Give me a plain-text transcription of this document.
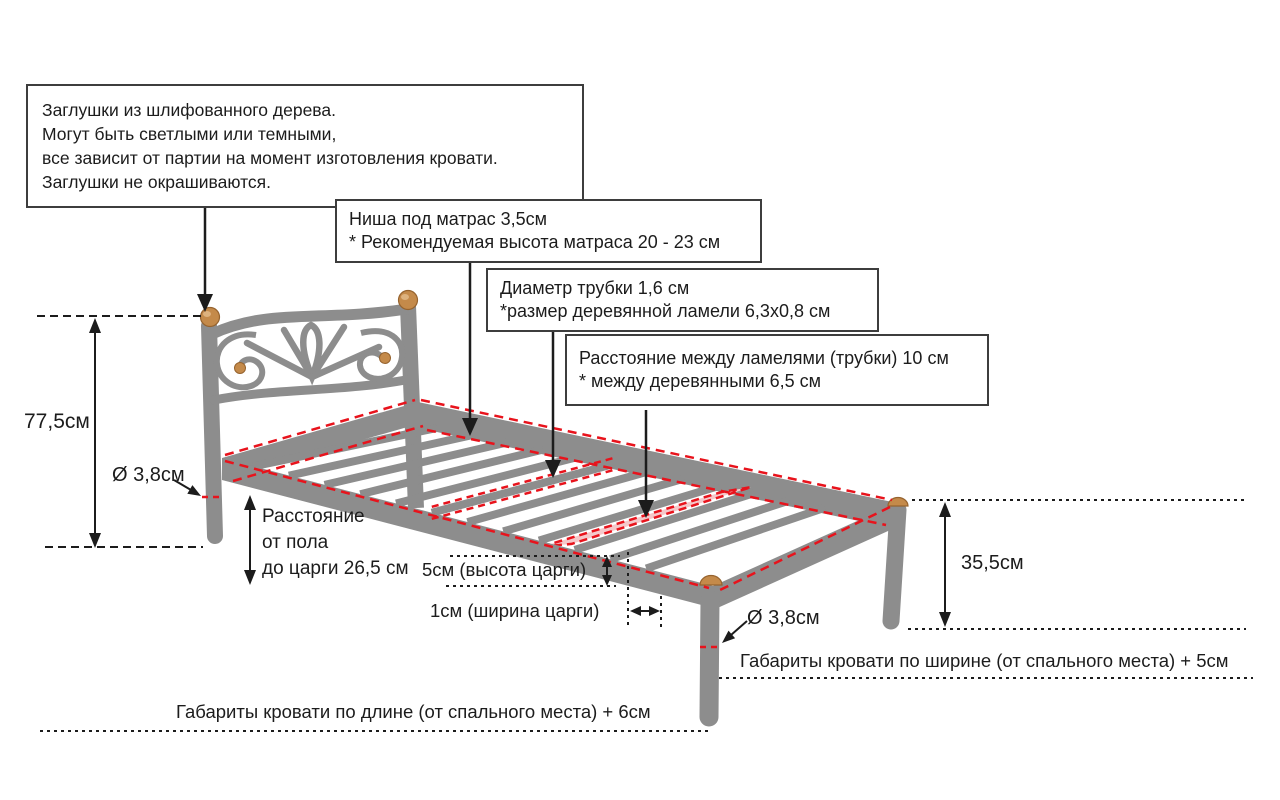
Заглушки из шлифованного дерева.
Могут быть светлыми или темными,
все зависит от партии на момент изготовления кровати.
Заглушки не окрашиваются.
Ниша под матрас 3,5см
* Рекомендуемая высота матраса 20 - 23 см
Диаметр трубки 1,6 см
*размер деревянной ламели 6,3х0,8 см
Расстояние между ламелями (трубки) 10 см
* между деревянными 6,5 см
77,5см
Ø 3,8см
Расстояние
от пола
до царги 26,5 см 5см (высота царги)
1см (ширина царги)	Ø 3,8см
35,5см
Габариты кровати по ширине (от спального места) + 5см
Габариты кровати по длине (от спального места) + 6см
